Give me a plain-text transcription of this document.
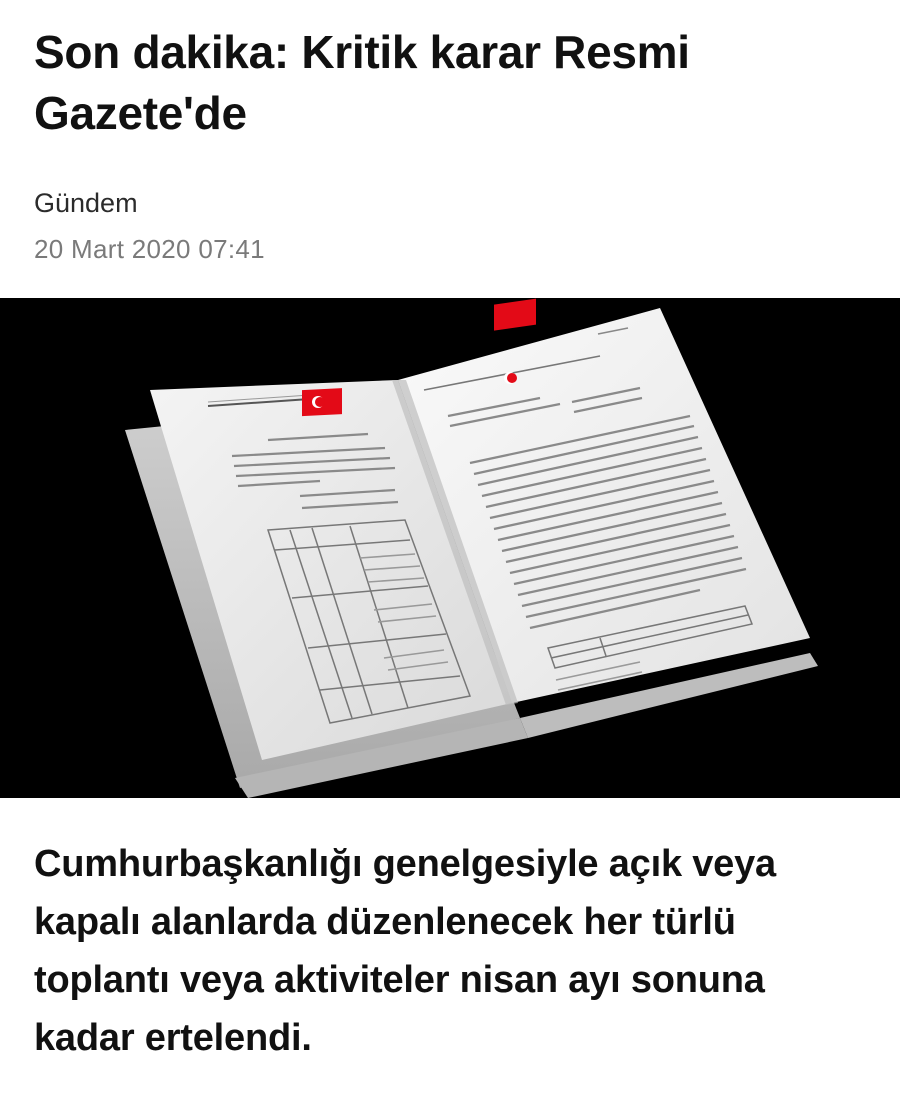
Son dakika: Kritik karar Resmi Gazete'de
Gündem
20 Mart 2020 07:41

Cumhurbaşkanlığı genelgesiyle açık veya kapalı alanlarda düzenlenecek her türlü toplantı veya aktiviteler nisan ayı sonuna kadar ertelendi.
